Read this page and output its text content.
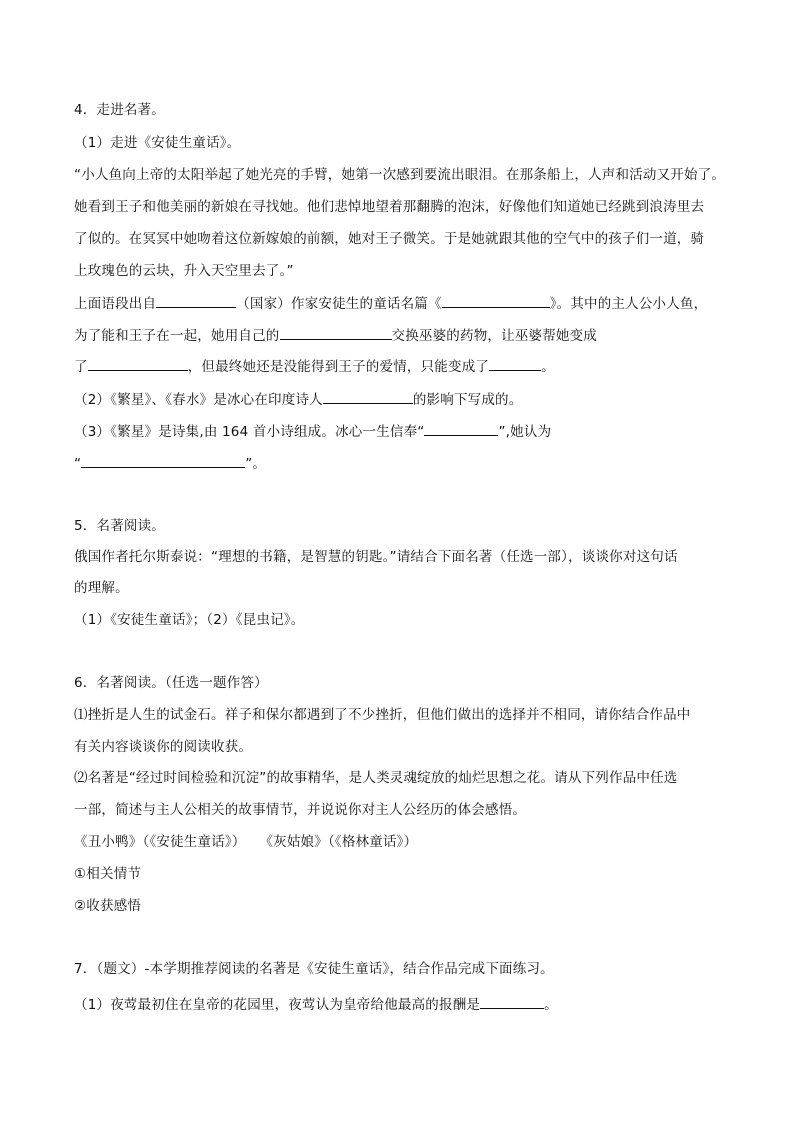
4．走进名著。
（1）走进《安徒生童话》。
“小人鱼向上帝的太阳举起了她光亮的手臂，她第一次感到要流出眼泪。在那条船上，人声和活动又开始了。
她看到王子和他美丽的新娘在寻找她。他们悲悼地望着那翻腾的泡沫，好像他们知道她已经跳到浪涛里去
了似的。在冥冥中她吻着这位新嫁娘的前额，她对王子微笑。于是她就跟其他的空气中的孩子们一道，骑
上玫瑰色的云块，升入天空里去了。”
上面语段出自	（国家）作家安徒生的童话名篇《	》。其中的主人公小人鱼，
为了能和王子在一起，她用自己的	交换巫婆的药物，让巫婆帮她变成
了	，但最终她还是没能得到王子的爱情，只能变成了	。
（2）《繁星》、《春水》是冰心在印度诗人	的影响下写成的。
（3）《繁星》是诗集,由 164 首小诗组成。冰心一生信奉“	”,她认为
“	”。
5．名著阅读。
俄国作者托尔斯泰说：“理想的书籍，是智慧的钥匙。”请结合下面名著（任选一部），谈谈你对这句话
的理解。
（1）《安徒生童话》；（2）《昆虫记》。
6．名著阅读。（任选一题作答）
⑴挫折是人生的试金石。祥子和保尔都遇到了不少挫折，但他们做出的选择并不相同，请你结合作品中
有关内容谈谈你的阅读收获。
⑵名著是“经过时间检验和沉淀”的故事精华，是人类灵魂绽放的灿烂思想之花。请从下列作品中任选
一部，简述与主人公相关的故事情节，并说说你对主人公经历的体会感悟。
《丑小鸭》（《安徒生童话》）　　《灰姑娘》（《格林童话》）
①相关情节
②收获感悟
7．（题文）-本学期推荐阅读的名著是《安徒生童话》，结合作品完成下面练习。
（1）夜莺最初住在皇帝的花园里，夜莺认为皇帝给他最高的报酬是	。
